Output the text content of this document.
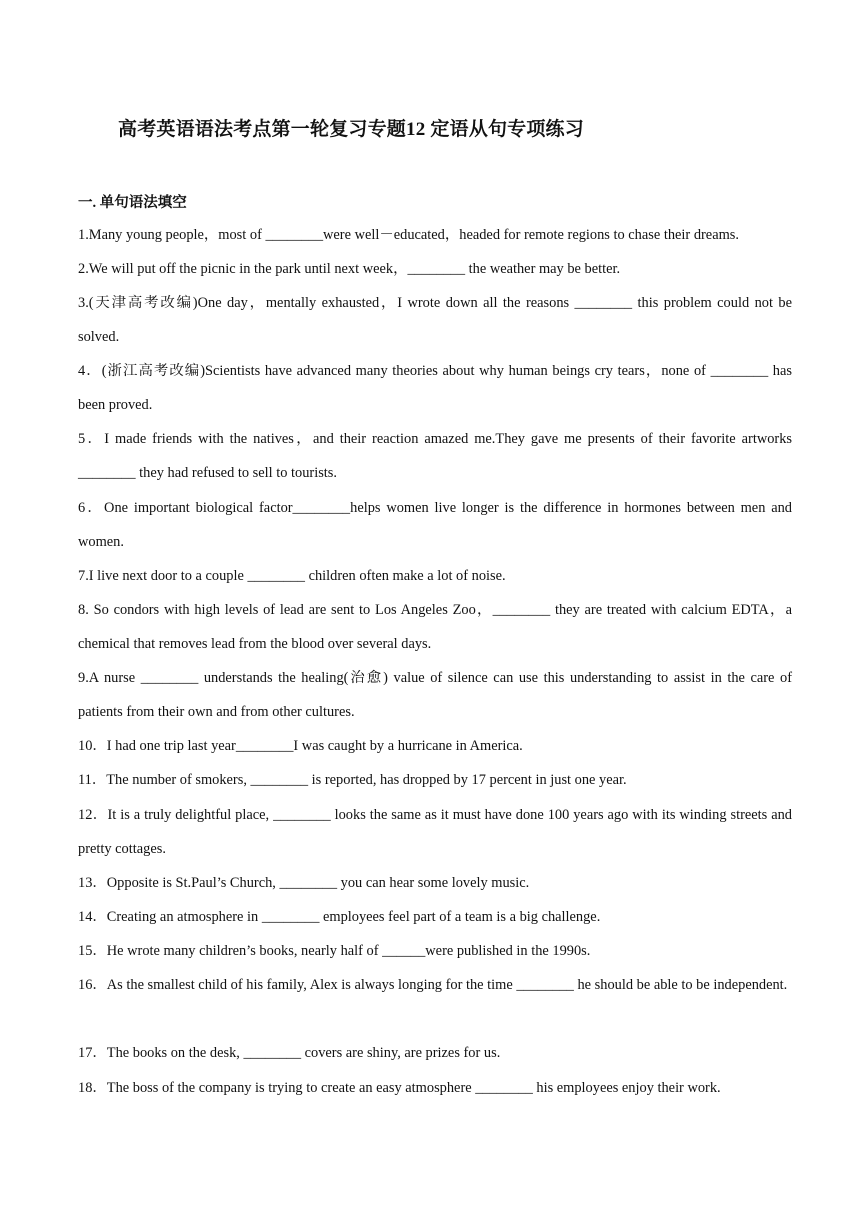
高考英语语法考点第一轮复习专题12 定语从句专项练习
一. 单句语法填空
1.Many young people，most of ________were well－educated，headed for remote regions to chase their dreams.
2.We will put off the picnic in the park until next week，________ the weather may be better.
3.(天津高考改编)One day，mentally exhausted，I wrote down all the reasons ________ this problem could not be solved.
4．(浙江高考改编)Scientists have advanced many theories about why human beings cry tears，none of ________ has been proved.
5．I made friends with the natives，and their reaction amazed me.They gave me presents of their favorite artworks ________ they had refused to sell to tourists.
6．One important biological factor________helps women live longer is the difference in hormones between men and women.
7.I live next door to a couple ________ children often make a lot of noise.
8. So condors with high levels of lead are sent to Los Angeles Zoo，________ they are treated with calcium EDTA，a chemical that removes lead from the blood over several days.
9.A nurse ________ understands the healing(治愈) value of silence can use this understanding to assist in the care of patients from their own and from other cultures.
10．I had one trip last year________I was caught by a hurricane in America.
11．The number of smokers, ________ is reported, has dropped by 17 percent in just one year.
12．It is a truly delightful place, ________ looks the same as it must have done 100 years ago with its winding streets and pretty cottages.
13．Opposite is St.Paul’s Church, ________ you can hear some lovely music.
14．Creating an atmosphere in ________ employees feel part of a team is a big challenge.
15．He wrote many children’s books, nearly half of ______were published in the 1990s.
16．As the smallest child of his family, Alex is always longing for the time ________ he should be able to be independent.
17．The books on the desk, ________ covers are shiny, are prizes for us.
18．The boss of the company is trying to create an easy atmosphere ________ his employees enjoy their work.
